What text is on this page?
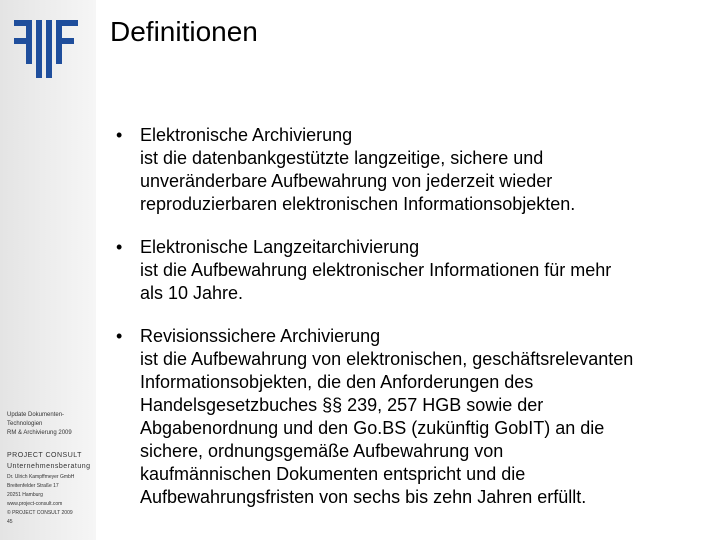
Update Dokumenten-
Technologien
RM & Archivierung 2009
PROJECT CONSULT
Unternehmensberatung
Dr. Ulrich Kampffmeyer GmbH
Breitenfelder Straße 17
20251 Hamburg
www.project-consult.com
© PROJECT CONSULT 2009
45
Definitionen
• Elektronische Archivierung
ist die datenbankgestützte langzeitige, sichere und
unveränderbare Aufbewahrung von jederzeit wieder
reproduzierbaren elektronischen Informationsobjekten.
• Elektronische Langzeitarchivierung
ist die Aufbewahrung elektronischer Informationen für mehr
als 10 Jahre.
• Revisionssichere Archivierung
ist die Aufbewahrung von elektronischen, geschäftsrelevanten
Informationsobjekten, die den Anforderungen des
Handelsgesetzbuches §§ 239, 257 HGB sowie der
Abgabenordnung und den Go.BS (zukünftig GobIT) an die
sichere, ordnungsgemäße Aufbewahrung von
kaufmännischen Dokumenten entspricht und die
Aufbewahrungsfristen von sechs bis zehn Jahren erfüllt.
